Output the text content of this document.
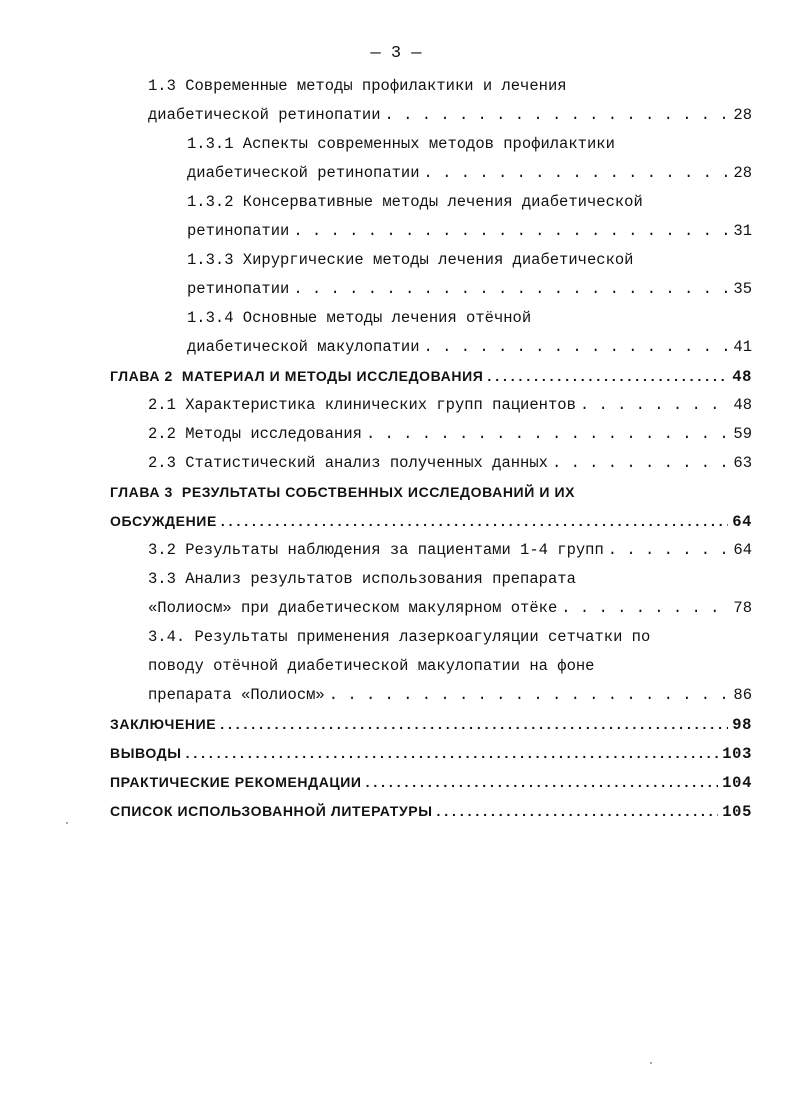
— 3 —
1.3 Современные методы профилактики и лечения
диабетической ретинопатии . . .	28
1.3.1 Аспекты современных методов профилактики
диабетической ретинопатии . . .	28
1.3.2 Консервативные методы лечения диабетической
ретинопатии . . .	31
1.3.3 Хирургические методы лечения диабетической
ретинопатии . . .	35
1.3.4 Основные методы лечения отёчной
диабетической макулопатии . . .	41
ГЛАВА 2  МАТЕРИАЛ И МЕТОДЫ ИССЛЕДОВАНИЯ . . .	48
2.1 Характеристика клинических групп пациентов . . .	48
2.2 Методы исследования . . .	59
2.3 Статистический анализ полученных данных . . .	63
ГЛАВА 3  РЕЗУЛЬТАТЫ СОБСТВЕННЫХ ИССЛЕДОВАНИЙ И ИХ
ОБСУЖДЕНИЕ . . .	64
3.2 Результаты наблюдения за пациентами 1-4 групп . . .	64
3.3 Анализ результатов использования препарата
«Полиосм» при диабетическом макулярном отёке . . .	78
3.4. Результаты применения лазеркоагуляции сетчатки по
поводу отёчной диабетической макулопатии на фоне
препарата «Полиосм» . . .	86
ЗАКЛЮЧЕНИЕ . . .	98
ВЫВОДЫ . . .	103
ПРАКТИЧЕСКИЕ РЕКОМЕНДАЦИИ . . .	104
СПИСОК ИСПОЛЬЗОВАННОЙ ЛИТЕРАТУРЫ . . .	105
